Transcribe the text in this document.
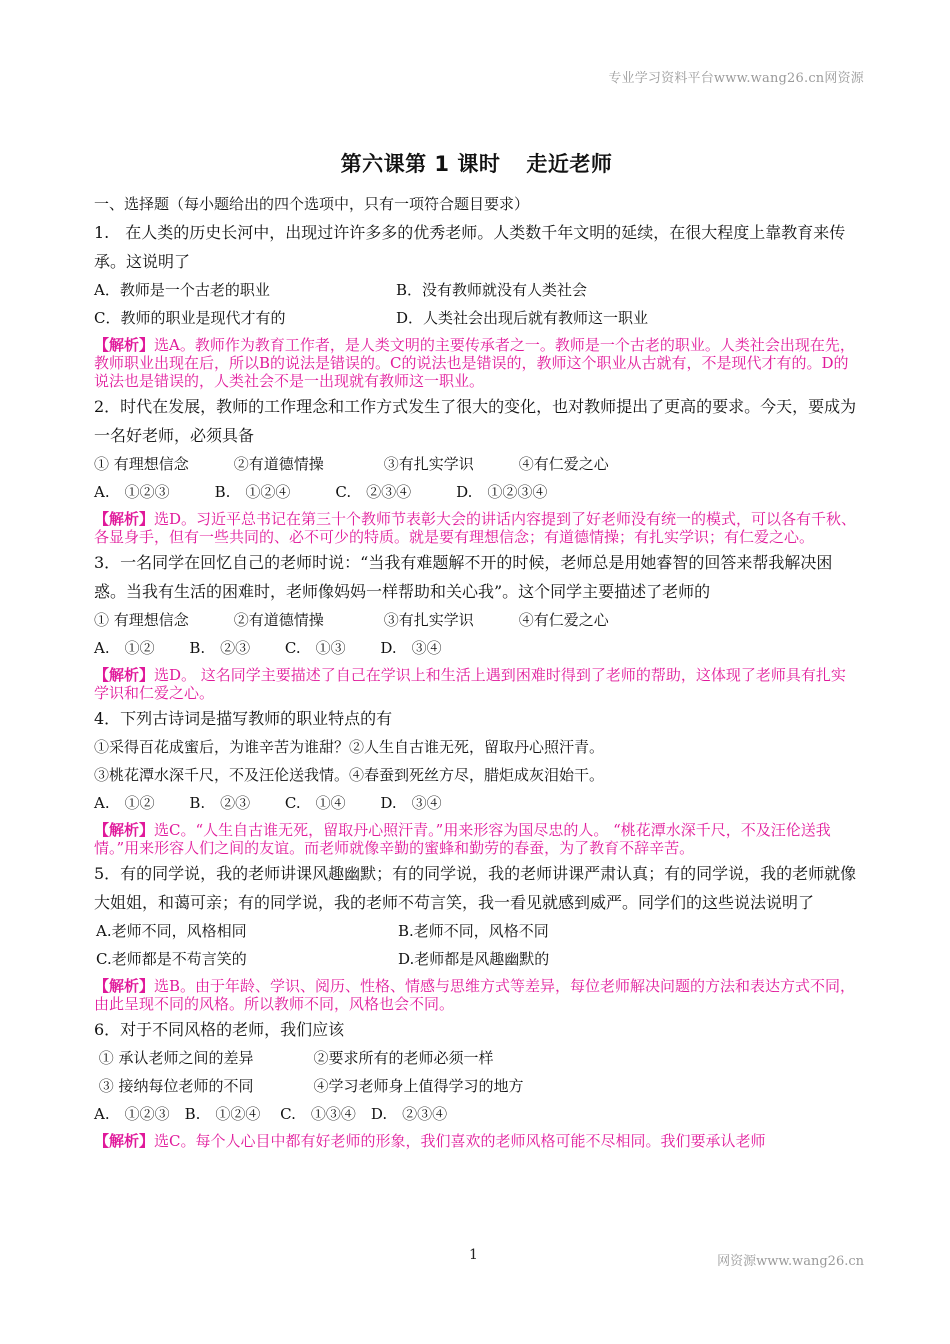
专业学习资料平台www.wang26.cn网资源
第六课第 1 课时 走近老师
一、选择题（每小题给出的四个选项中，只有一项符合题目要求）

1.　在人类的历史长河中，出现过许许多多的优秀老师。人类数千年文明的延续，在很大程度上靠教育来传承。这说明了

A．教师是一个古老的职业	B．没有教师就没有人类社会
C．教师的职业是现代才有的	D．人类社会出现后就有教师这一职业

【解析】选A。教师作为教育工作者，是人类文明的主要传承者之一。教师是一个古老的职业。人类社会出现在先，教师职业出现在后，所以B的说法是错误的。C的说法也是错误的，教师这个职业从古就有，不是现代才有的。D的说法也是错误的，人类社会不是一出现就有教师这一职业。

2．时代在发展，教师的工作理念和工作方式发生了很大的变化，也对教师提出了更高的要求。今天，要成为一名好老师，必须具备

① 有理想信念　　　②有道德情操　　　　③有扎实学识　　　④有仁爱之心
A.　①②③　　　B.　①②④　　　C.　②③④　　　D.　①②③④

【解析】选D。习近平总书记在第三十个教师节表彰大会的讲话内容提到了好老师没有统一的模式，可以各有千秋、各显身手，但有一些共同的、必不可少的特质。就是要有理想信念；有道德情操；有扎实学识；有仁爱之心。

3．一名同学在回忆自己的老师时说：“当我有难题解不开的时候，老师总是用她睿智的回答来帮我解决困惑。当我有生活的困难时，老师像妈妈一样帮助和关心我”。这个同学主要描述了老师的

① 有理想信念　　　②有道德情操　　　　③有扎实学识　　　④有仁爱之心
A.　①②　　 B.　②③　　 C.　①③　　 D.　③④

【解析】选D。 这名同学主要描述了自己在学识上和生活上遇到困难时得到了老师的帮助，这体现了老师具有扎实学识和仁爱之心。

4．下列古诗词是描写教师的职业特点的有

①采得百花成蜜后，为谁辛苦为谁甜？②人生自古谁无死，留取丹心照汗青。
③桃花潭水深千尺，不及汪伦送我情。④春蚕到死丝方尽，腊炬成灰泪始干。
A.　①②　　 B.　②③　　 C.　①④　　 D.　③④

【解析】选C。“人生自古谁无死，留取丹心照汗青。”用来形容为国尽忠的人。 “桃花潭水深千尺，不及汪伦送我情。”用来形容人们之间的友谊。而老师就像辛勤的蜜蜂和勤劳的春蚕，为了教育不辞辛苦。

5．有的同学说，我的老师讲课风趣幽默；有的同学说，我的老师讲课严肃认真；有的同学说，我的老师就像大姐姐，和蔼可亲；有的同学说，我的老师不苟言笑，我一看见就感到威严。同学们的这些说法说明了

A.老师不同，风格相同	B.老师不同，风格不同
C.老师都是不苟言笑的	D.老师都是风趣幽默的

【解析】选B。由于年龄、学识、阅历、性格、情感与思维方式等差异，每位老师解决问题的方法和表达方式不同，由此呈现不同的风格。所以教师不同，风格也会不同。

6．对于不同风格的老师，我们应该

① 承认老师之间的差异　　　　②要求所有的老师必须一样
③ 接纳每位老师的不同　　　　④学习老师身上值得学习的地方
A.　①②③　B.　①②④　 C.　①③④　D.　②③④

【解析】选C。每个人心目中都有好老师的形象，我们喜欢的老师风格可能不尽相同。我们要承认老师

1	网资源www.wang26.cn
